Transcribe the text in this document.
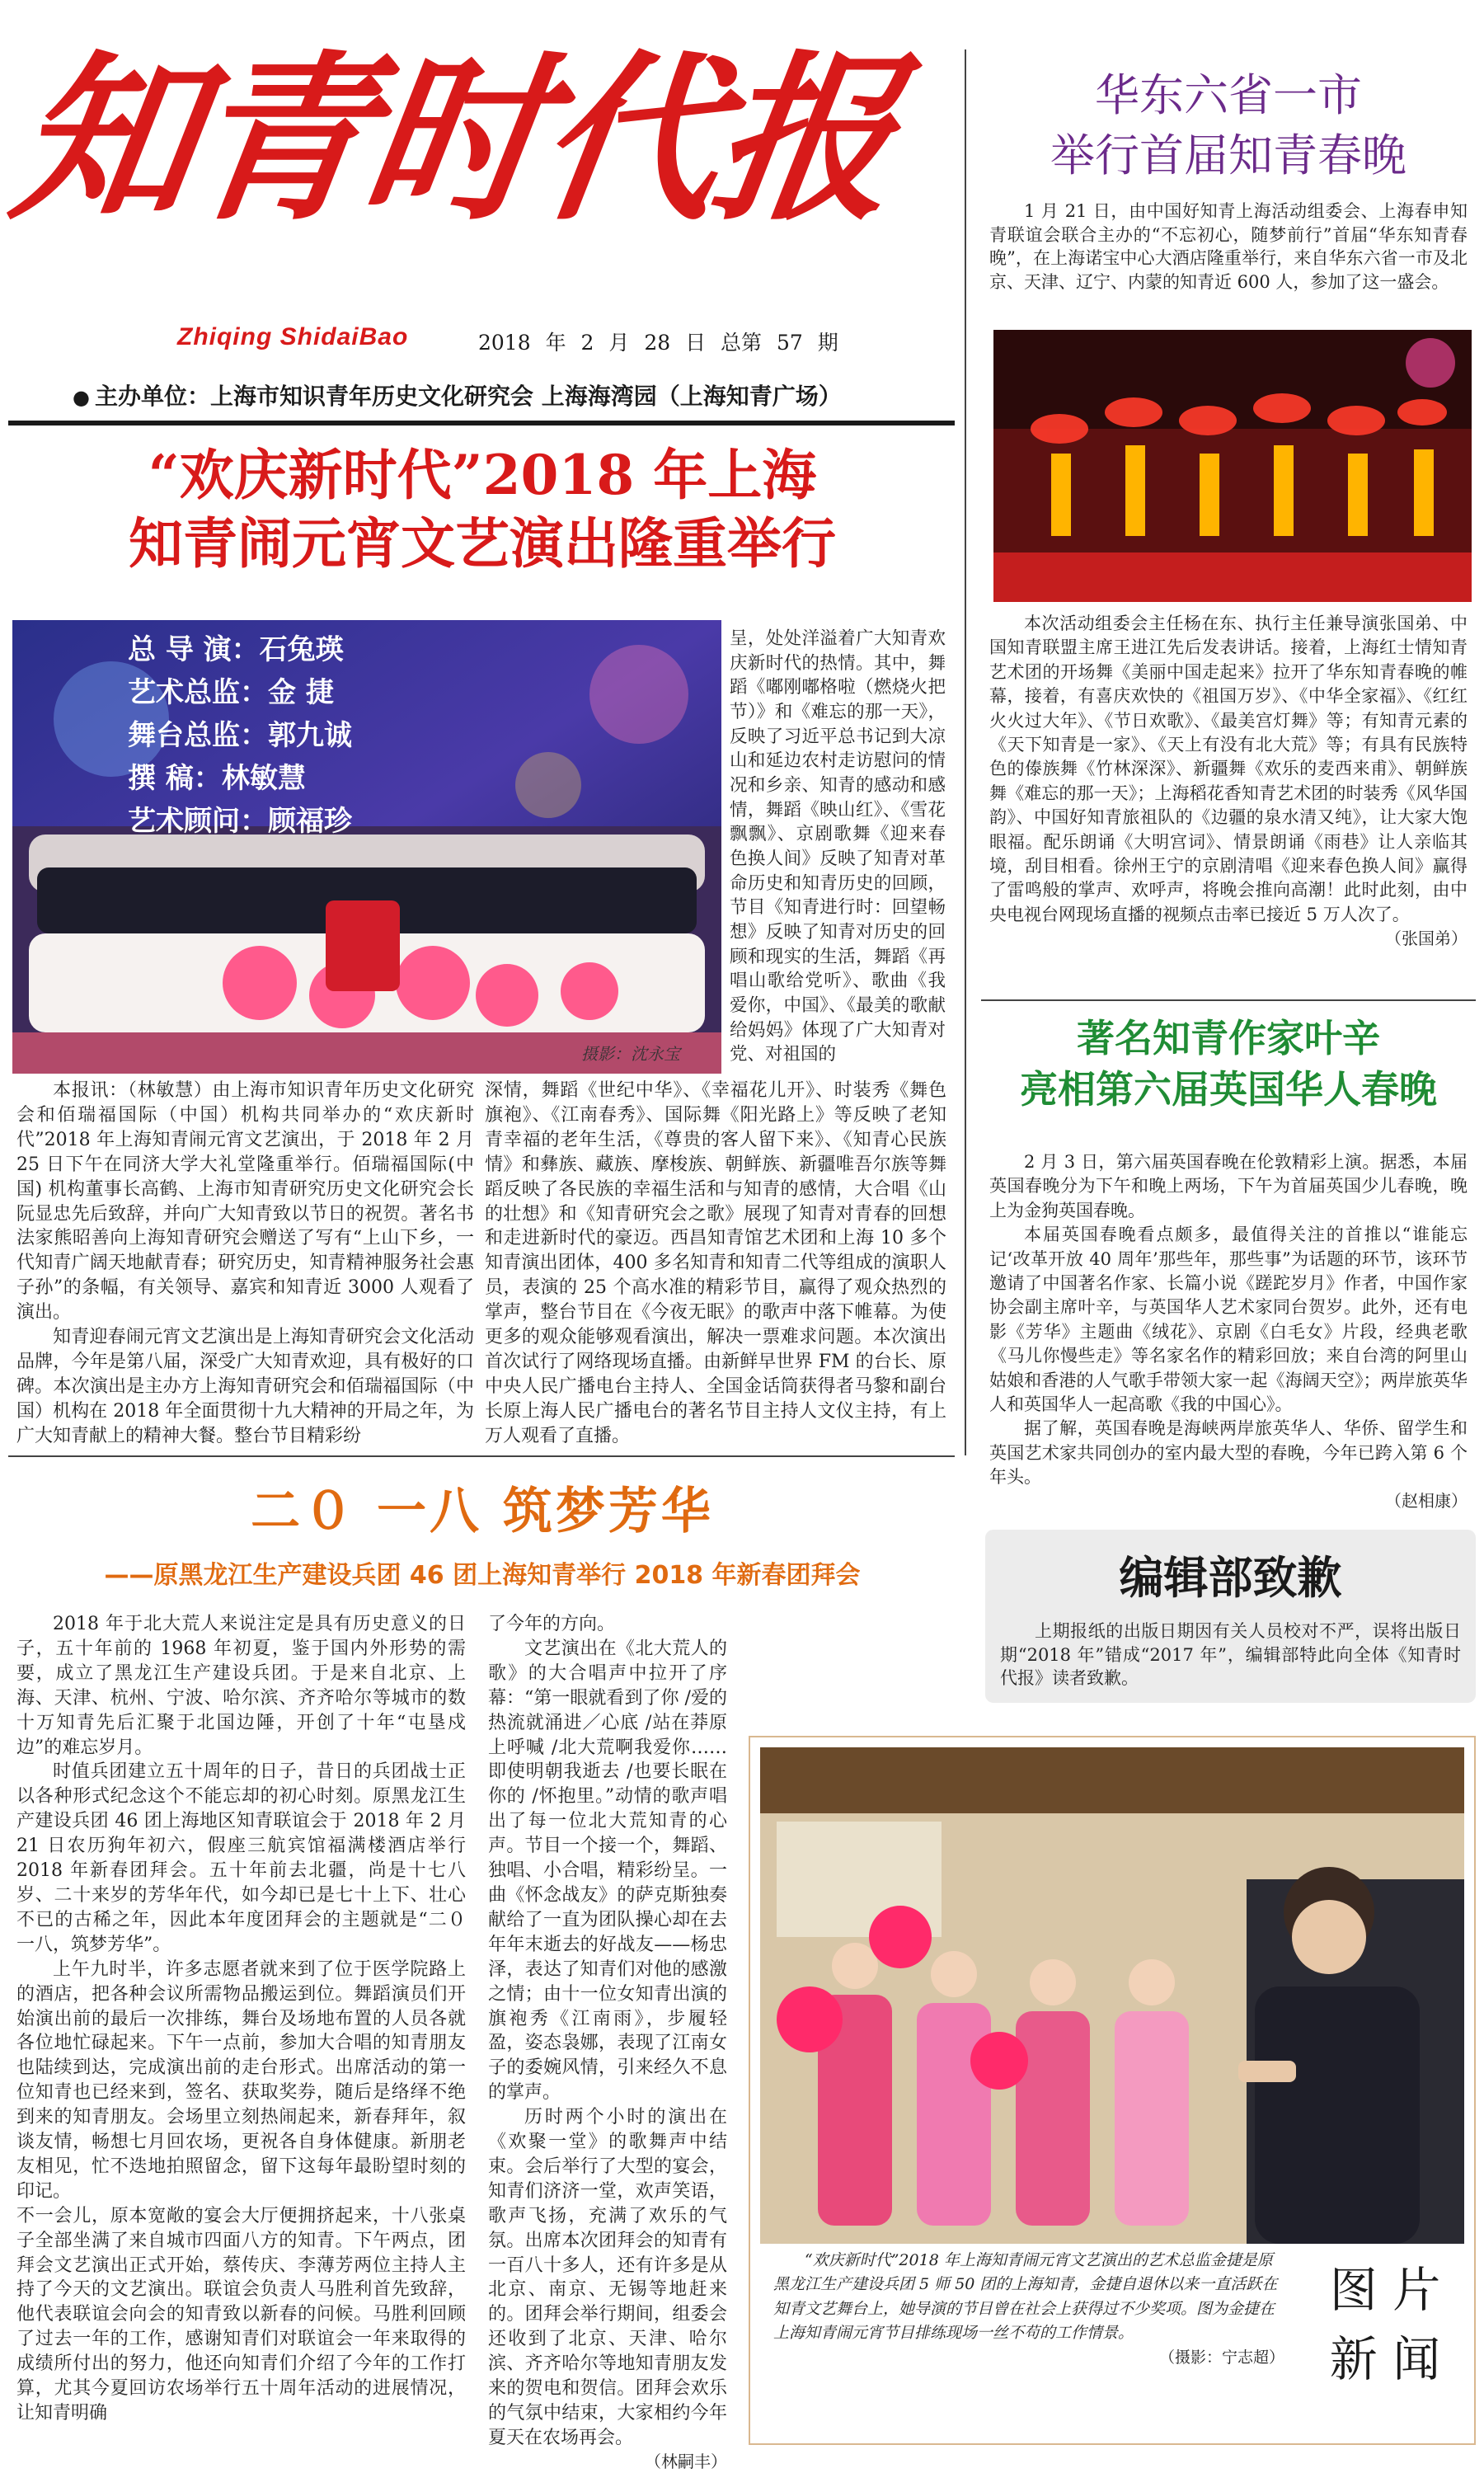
知青时代报
Zhiqing ShidaiBao	2018 年 2 月 28 日 总第 57 期
● 主办单位：上海市知识青年历史文化研究会 上海海湾园（上海知青广场）
“欢庆新时代”2018 年上海
知青闹元宵文艺演出隆重举行
总 导 演：石兔瑛
艺术总监：金 捷
舞台总监：郭九诚
撰 稿：林敏慧
艺术顾问：顾福珍
摄影：沈永宝

呈，处处洋溢着广大知青欢庆新时代的热情。其中，舞蹈《嘟刚嘟格啦（燃烧火把节）》和《难忘的那一天》，反映了习近平总书记到大凉山和延边农村走访慰问的情况和乡亲、知青的感动和感情，舞蹈《映山红》、《雪花飘飘》、京剧歌舞《迎来春色换人间》反映了知青对革命历史和知青历史的回顾，节目《知青进行时：回望畅想》反映了知青对历史的回顾和现实的生活，舞蹈《再唱山歌给党听》、歌曲《我爱你，中国》、《最美的歌献给妈妈》体现了广大知青对党、对祖国的

本报讯：（林敏慧）由上海市知识青年历史文化研究会和佰瑞福国际（中国）机构共同举办的“欢庆新时代”2018 年上海知青闹元宵文艺演出，于 2018 年 2 月 25 日下午在同济大学大礼堂隆重举行。佰瑞福国际(中国) 机构董事长高鹤、上海市知青研究历史文化研究会长阮显忠先后致辞，并向广大知青致以节日的祝贺。著名书法家熊昭善向上海知青研究会赠送了写有“上山下乡，一代知青广阔天地献青春；研究历史，知青精神服务社会惠子孙”的条幅，有关领导、嘉宾和知青近 3000 人观看了演出。

知青迎春闹元宵文艺演出是上海知青研究会文化活动品牌，今年是第八届，深受广大知青欢迎，具有极好的口碑。本次演出是主办方上海知青研究会和佰瑞福国际（中国）机构在 2018 年全面贯彻十九大精神的开局之年，为广大知青献上的精神大餐。整台节目精彩纷

深情，舞蹈《世纪中华》、《幸福花儿开》、时装秀《舞色旗袍》、《江南春秀》、国际舞《阳光路上》等反映了老知青幸福的老年生活，《尊贵的客人留下来》、《知青心民族情》和彝族、藏族、摩梭族、朝鲜族、新疆唯吾尔族等舞蹈反映了各民族的幸福生活和与知青的感情，大合唱《山的壮想》和《知青研究会之歌》展现了知青对青春的回想和走进新时代的豪迈。西昌知青馆艺术团和上海 10 多个知青演出团体，400 多名知青和知青二代等组成的演职人员，表演的 25 个高水准的精彩节目，赢得了观众热烈的掌声，整台节目在《今夜无眠》的歌声中落下帷幕。为使更多的观众能够观看演出，解决一票难求问题。本次演出首次试行了网络现场直播。由新鲜早世界 FM 的台长、原中央人民广播电台主持人、全国金话筒获得者马黎和副台长原上海人民广播电台的著名节目主持人文仪主持，有上万人观看了直播。

二０ 一八 筑梦芳华
——原黑龙江生产建设兵团 46 团上海知青举行 2018 年新春团拜会

2018 年于北大荒人来说注定是具有历史意义的日子，五十年前的 1968 年初夏，鉴于国内外形势的需要，成立了黑龙江生产建设兵团。于是来自北京、上海、天津、杭州、宁波、哈尔滨、齐齐哈尔等城市的数十万知青先后汇聚于北国边陲，开创了十年“屯垦戍边”的难忘岁月。

时值兵团建立五十周年的日子，昔日的兵团战士正以各种形式纪念这个不能忘却的初心时刻。原黑龙江生产建设兵团 46 团上海地区知青联谊会于 2018 年 2 月 21 日农历狗年初六，假座三航宾馆福满楼酒店举行 2018 年新春团拜会。五十年前去北疆，尚是十七八岁、二十来岁的芳华年代，如今却已是七十上下、壮心不已的古稀之年，因此本年度团拜会的主题就是“二０ 一八，筑梦芳华”。

上午九时半，许多志愿者就来到了位于医学院路上的酒店，把各种会议所需物品搬运到位。舞蹈演员们开始演出前的最后一次排练，舞台及场地布置的人员各就各位地忙碌起来。下午一点前，参加大合唱的知青朋友也陆续到达，完成演出前的走台形式。出席活动的第一位知青也已经来到，签名、获取奖券，随后是络绎不绝到来的知青朋友。会场里立刻热闹起来，新春拜年，叙谈友情，畅想七月回农场，更祝各自身体健康。新朋老友相见，忙不迭地拍照留念，留下这每年最盼望时刻的印记。

不一会儿，原本宽敞的宴会大厅便拥挤起来，十八张桌子全部坐满了来自城市四面八方的知青。下午两点，团拜会文艺演出正式开始，蔡传庆、李薄芳两位主持人主持了今天的文艺演出。联谊会负责人马胜利首先致辞，他代表联谊会向会的知青致以新春的问候。马胜利回顾了过去一年的工作，感谢知青们对联谊会一年来取得的成绩所付出的努力，他还向知青们介绍了今年的工作打算，尤其今夏回访农场举行五十周年活动的进展情况，让知青明确

了今年的方向。

文艺演出在《北大荒人的歌》的大合唱声中拉开了序幕：“第一眼就看到了你 /爱的热流就涌进／心底 /站在莽原上呼喊 /北大荒啊我爱你……即使明朝我逝去 /也要长眠在你的 /怀抱里。”动情的歌声唱出了每一位北大荒知青的心声。节目一个接一个，舞蹈、独唱、小合唱，精彩纷呈。一曲《怀念战友》的萨克斯独奏献给了一直为团队操心却在去年年末逝去的好战友——杨忠泽，表达了知青们对他的感激之情；由十一位女知青出演的旗袍秀《江南雨》，步履轻盈，姿态袅娜，表现了江南女子的委婉风情，引来经久不息的掌声。

历时两个小时的演出在《欢聚一堂》的歌舞声中结束。会后举行了大型的宴会，知青们济济一堂，欢声笑语，歌声飞扬，充满了欢乐的气氛。出席本次团拜会的知青有一百八十多人，还有许多是从北京、南京、无锡等地赶来的。团拜会举行期间，组委会还收到了北京、天津、哈尔滨、齐齐哈尔等地知青朋友发来的贺电和贺信。团拜会欢乐的气氛中结束，大家相约今年夏天在农场再会。

（林嗣丰）
华东六省一市
举行首届知青春晚

1 月 21 日，由中国好知青上海活动组委会、上海春申知青联谊会联合主办的“不忘初心，随梦前行”首届“华东知青春晚”，在上海诺宝中心大酒店隆重举行，来自华东六省一市及北京、天津、辽宁、内蒙的知青近 600 人，参加了这一盛会。

本次活动组委会主任杨在东、执行主任兼导演张国弟、中国知青联盟主席王进江先后发表讲话。接着，上海红士情知青艺术团的开场舞《美丽中国走起来》拉开了华东知青春晚的帷幕，接着，有喜庆欢快的《祖国万岁》、《中华全家福》、《红红火火过大年》、《节日欢歌》、《最美宫灯舞》等；有知青元素的《天下知青是一家》、《天上有没有北大荒》等；有具有民族特色的傣族舞《竹林深深》、新疆舞《欢乐的麦西来甫》、朝鲜族舞《难忘的那一天》；上海稻花香知青艺术团的时装秀《风华国韵》、中国好知青旅祖队的《边疆的泉水清又纯》，让大家大饱眼福。配乐朗诵《大明宫词》、情景朗诵《雨巷》让人亲临其境，刮目相看。徐州王宁的京剧清唱《迎来春色换人间》赢得了雷鸣般的掌声、欢呼声，将晚会推向高潮！此时此刻，由中央电视台网现场直播的视频点击率已接近 5 万人次了。

（张国弟）
著名知青作家叶辛
亮相第六届英国华人春晚

2 月 3 日，第六届英国春晚在伦敦精彩上演。据悉，本届英国春晚分为下午和晚上两场，下午为首届英国少儿春晚，晚上为金狗英国春晚。

本届英国春晚看点颇多，最值得关注的首推以“谁能忘记‘改革开放 40 周年’那些年，那些事”为话题的环节，该环节邀请了中国著名作家、长篇小说《蹉跎岁月》作者，中国作家协会副主席叶辛，与英国华人艺术家同台贺岁。此外，还有电影《芳华》主题曲《绒花》、京剧《白毛女》片段，经典老歌《马儿你慢些走》等名家名作的精彩回放；来自台湾的阿里山姑娘和香港的人气歌手带领大家一起《海阔天空》；两岸旅英华人和英国华人一起高歌《我的中国心》。

据了解，英国春晚是海峡两岸旅英华人、华侨、留学生和英国艺术家共同创办的室内最大型的春晚，今年已跨入第 6 个年头。

（赵相康）
编辑部致歉

上期报纸的出版日期因有关人员校对不严，误将出版日期“2018 年”错成“2017 年”，编辑部特此向全体《知青时代报》读者致歉。

“欢庆新时代”2018 年上海知青闹元宵文艺演出的艺术总监金捷是原黑龙江生产建设兵团 5 师 50 团的上海知青，金捷自退休以来一直活跃在知青文艺舞台上，她导演的节目曾在社会上获得过不少奖项。图为金捷在上海知青闹元宵节目排练现场一丝不苟的工作情景。
（摄影：宁志超）
图 片
新 闻
